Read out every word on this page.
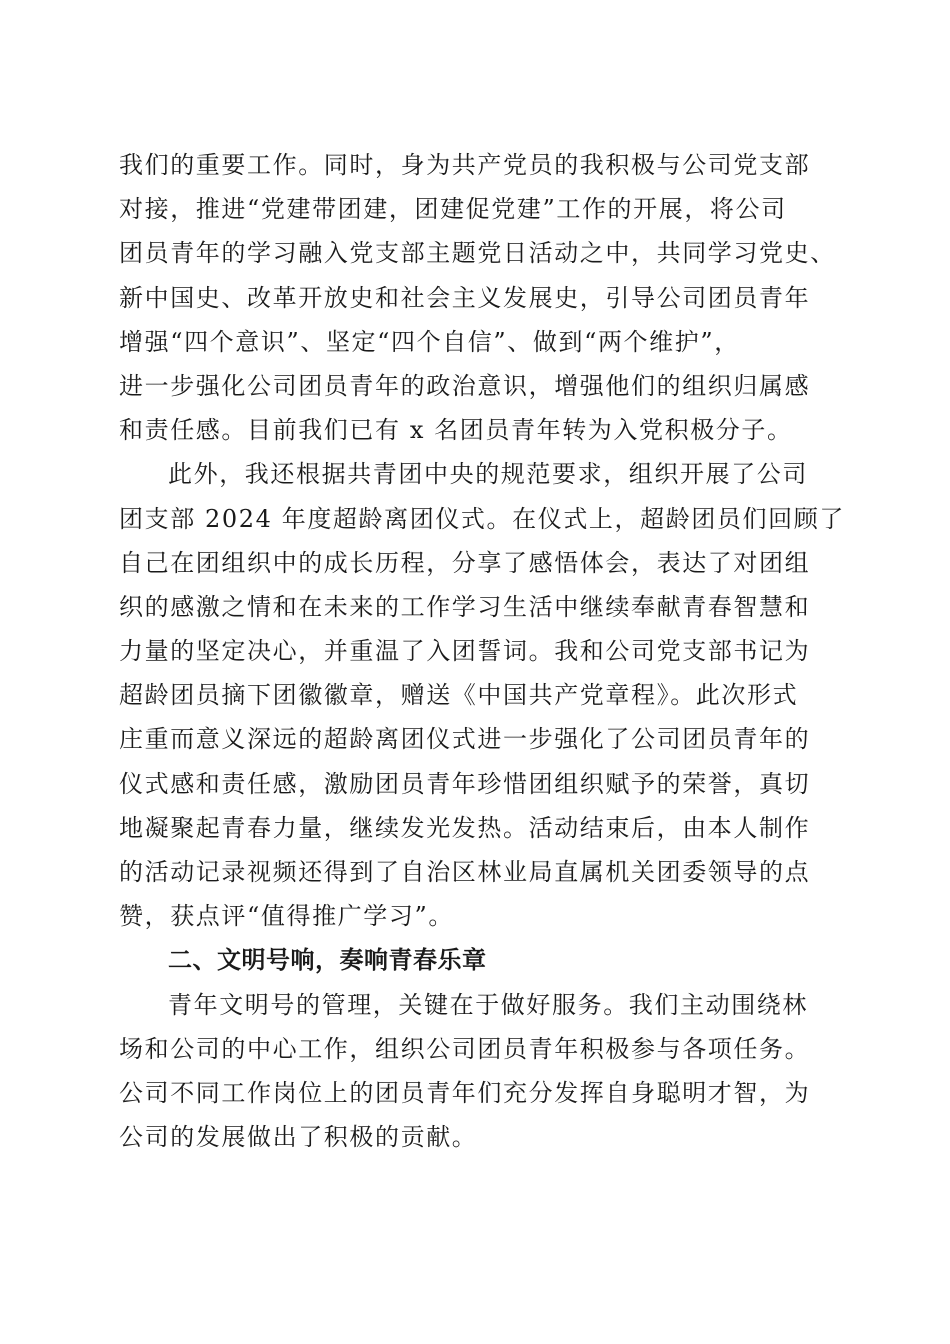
我们的重要工作。同时，身为共产党员的我积极与公司党支部
对接，推进“党建带团建，团建促党建”工作的开展，将公司
团员青年的学习融入党支部主题党日活动之中，共同学习党史、
新中国史、改革开放史和社会主义发展史，引导公司团员青年
增强“四个意识”、坚定“四个自信”、做到“两个维护”，
进一步强化公司团员青年的政治意识，增强他们的组织归属感
和责任感。目前我们已有 x 名团员青年转为入党积极分子。
此外，我还根据共青团中央的规范要求，组织开展了公司
团支部 2024 年度超龄离团仪式。在仪式上，超龄团员们回顾了
自己在团组织中的成长历程，分享了感悟体会，表达了对团组
织的感激之情和在未来的工作学习生活中继续奉献青春智慧和
力量的坚定决心，并重温了入团誓词。我和公司党支部书记为
超龄团员摘下团徽徽章，赠送《中国共产党章程》。此次形式
庄重而意义深远的超龄离团仪式进一步强化了公司团员青年的
仪式感和责任感，激励团员青年珍惜团组织赋予的荣誉，真切
地凝聚起青春力量，继续发光发热。活动结束后，由本人制作
的活动记录视频还得到了自治区林业局直属机关团委领导的点
赞，获点评“值得推广学习”。
二、文明号响，奏响青春乐章
青年文明号的管理，关键在于做好服务。我们主动围绕林
场和公司的中心工作，组织公司团员青年积极参与各项任务。
公司不同工作岗位上的团员青年们充分发挥自身聪明才智，为
公司的发展做出了积极的贡献。
